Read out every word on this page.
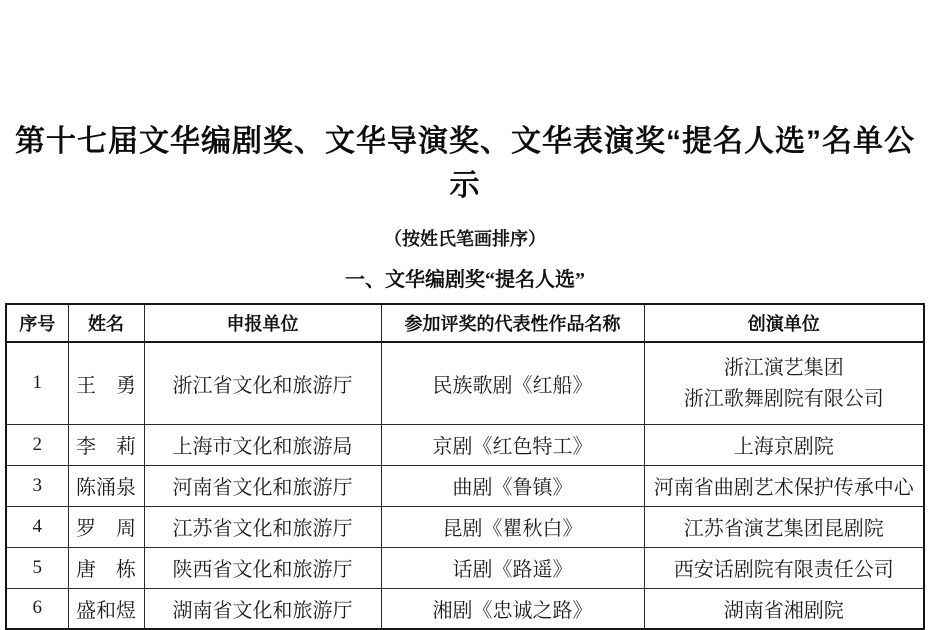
第十七届文华编剧奖、文华导演奖、文华表演奖“提名人选”名单公示
（按姓氏笔画排序）
一、文华编剧奖“提名人选”
序号	姓名	申报单位	参加评奖的代表性作品名称	创演单位
1	王　勇	浙江省文化和旅游厅	民族歌剧《红船》	浙江演艺集团
浙江歌舞剧院有限公司

2	李　莉	上海市文化和旅游局	京剧《红色特工》	上海京剧院
3	陈涌泉	河南省文化和旅游厅	曲剧《鲁镇》	河南省曲剧艺术保护传承中心
4	罗　周	江苏省文化和旅游厅	昆剧《瞿秋白》	江苏省演艺集团昆剧院
5	唐　栋	陕西省文化和旅游厅	话剧《路遥》	西安话剧院有限责任公司
6	盛和煜	湖南省文化和旅游厅	湘剧《忠诚之路》	湖南省湘剧院
